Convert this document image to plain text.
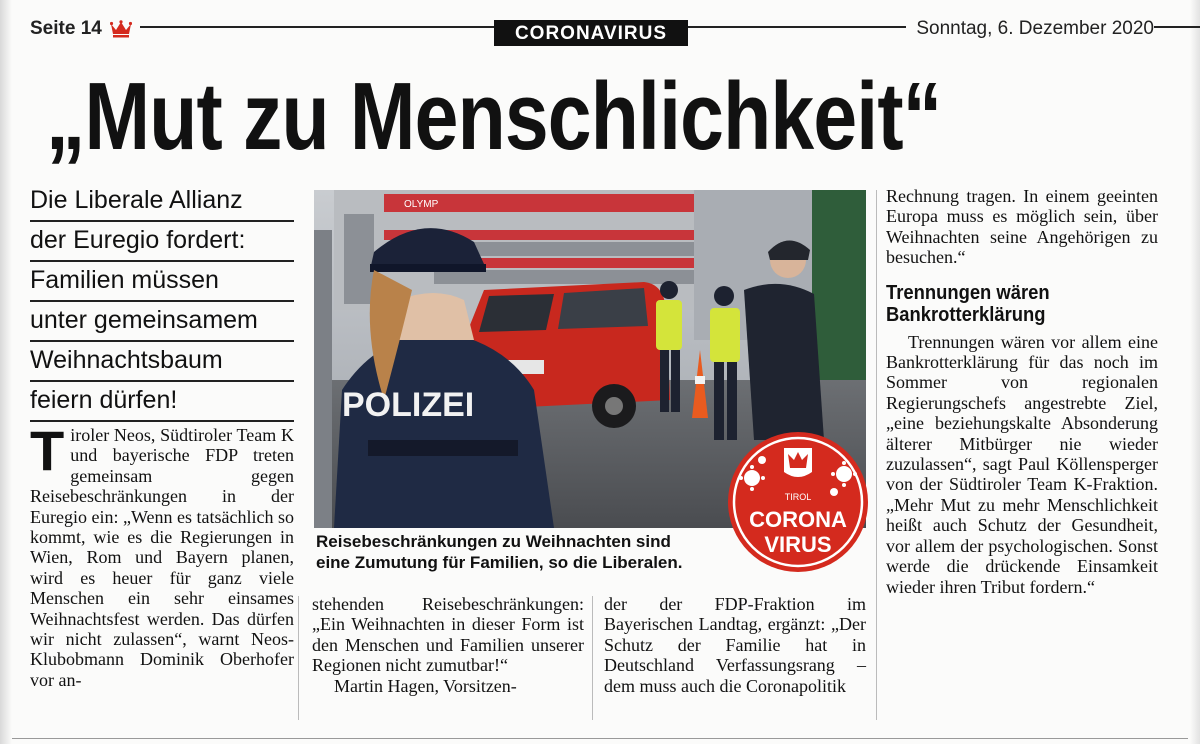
Seite 14	CORONAVIRUS	Sonntag, 6. Dezember 2020
„Mut zu Menschlichkeit“
Die Liberale Allianz
der Euregio fordert:
Familien müssen
unter gemeinsamem
Weihnachtsbaum
feiern dürfen!
T iroler Neos, Südtiroler Team K und bayerische FDP treten gemeinsam gegen Reisebeschränkungen in der Euregio ein: „Wenn es tatsächlich so kommt, wie es die Regierungen in Wien, Rom und Bayern planen, wird es heuer für ganz viele Menschen ein sehr einsames Weihnachtsfest werden. Das dürfen wir nicht zulassen“, warnt Neos-Klubobmann Dominik Oberhofer vor an-

OLYMP
POLIZEI
Reisebeschränkungen zu Weihnachten sind
eine Zumutung für Familien, so die Liberalen.
TIROL
CORONA
VIRUS

stehenden Reisebeschränkungen: „Ein Weihnachten in dieser Form ist den Menschen und Familien unserer Regionen nicht zumutbar!“

Martin Hagen, Vorsitzen-

der der FDP-Fraktion im Bayerischen Landtag, ergänzt: „Der Schutz der Familie hat in Deutschland Verfassungsrang – dem muss auch die Coronapolitik

Rechnung tragen. In einem geeinten Europa muss es möglich sein, über Weihnachten seine Angehörigen zu besuchen.“

Trennungen wären Bankrotterklärung

Trennungen wären vor allem eine Bankrotterklärung für das noch im Sommer von regionalen Regierungschefs angestrebte Ziel, „eine beziehungskalte Absonderung älterer Mitbürger nie wieder zuzulassen“, sagt Paul Köllensperger von der Südtiroler Team K-Fraktion. „Mehr Mut zu mehr Menschlichkeit heißt auch Schutz der Gesundheit, vor allem der psychologischen. Sonst werde die drückende Einsamkeit wieder ihren Tribut fordern.“
